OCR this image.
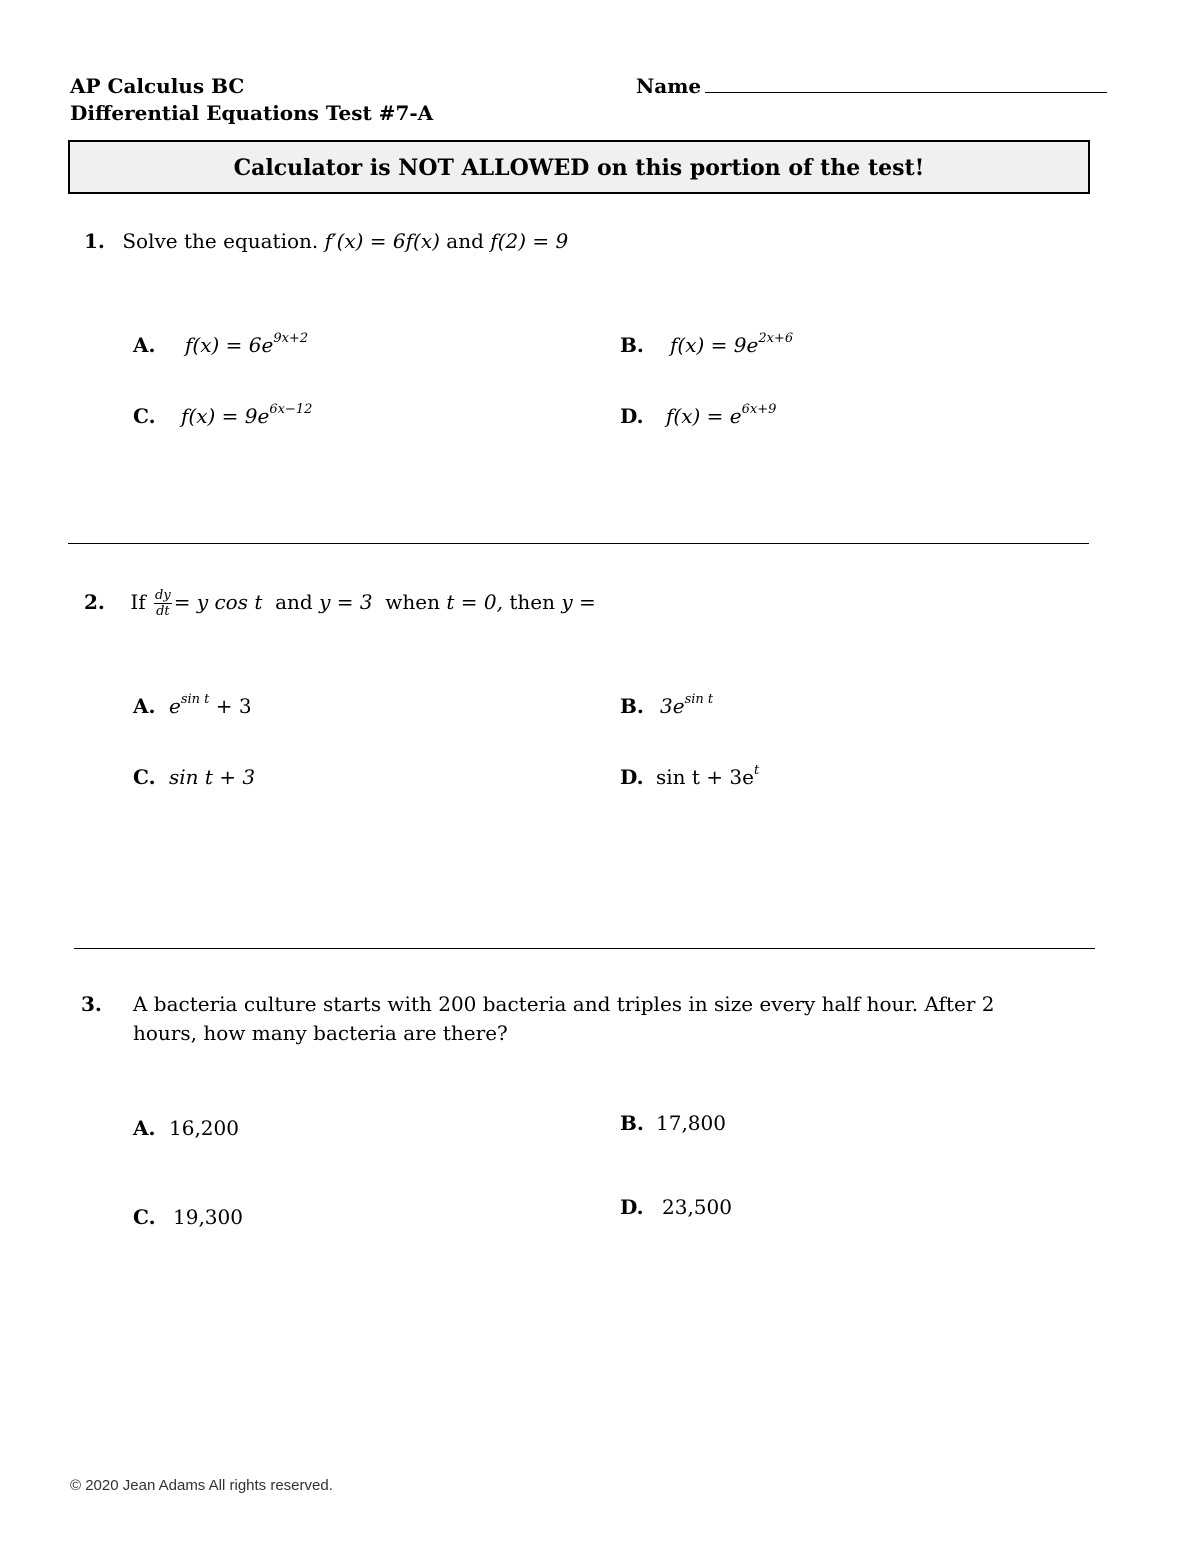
AP Calculus BC
Differential Equations Test #7-A
Name
Calculator is NOT ALLOWED on this portion of the test!
1. Solve the equation. f′(x) = 6f(x) and f(2) = 9
A. $f(x) = 6e^{9x+2}$	B. $f(x) = 9e^{2x+6}$
C. $f(x) = 9e^{6x-12}$	D. $f(x) = e^{6x+9}$
2. If $\frac{dy}{dt} = y$ cos t and y = 3 when t = 0, then y =
A. $e^{sin t} + 3$	B. $3e^{sin t}$
C. sin t + 3	D. $\sin t + 3e^t$
3. A bacteria culture starts with 200 bacteria and triples in size every half hour. After 2 hours, how many bacteria are there?
A. 16,200	B. 17,800
C. 19,300	D. 23,500
© 2020 Jean Adams All rights reserved.
